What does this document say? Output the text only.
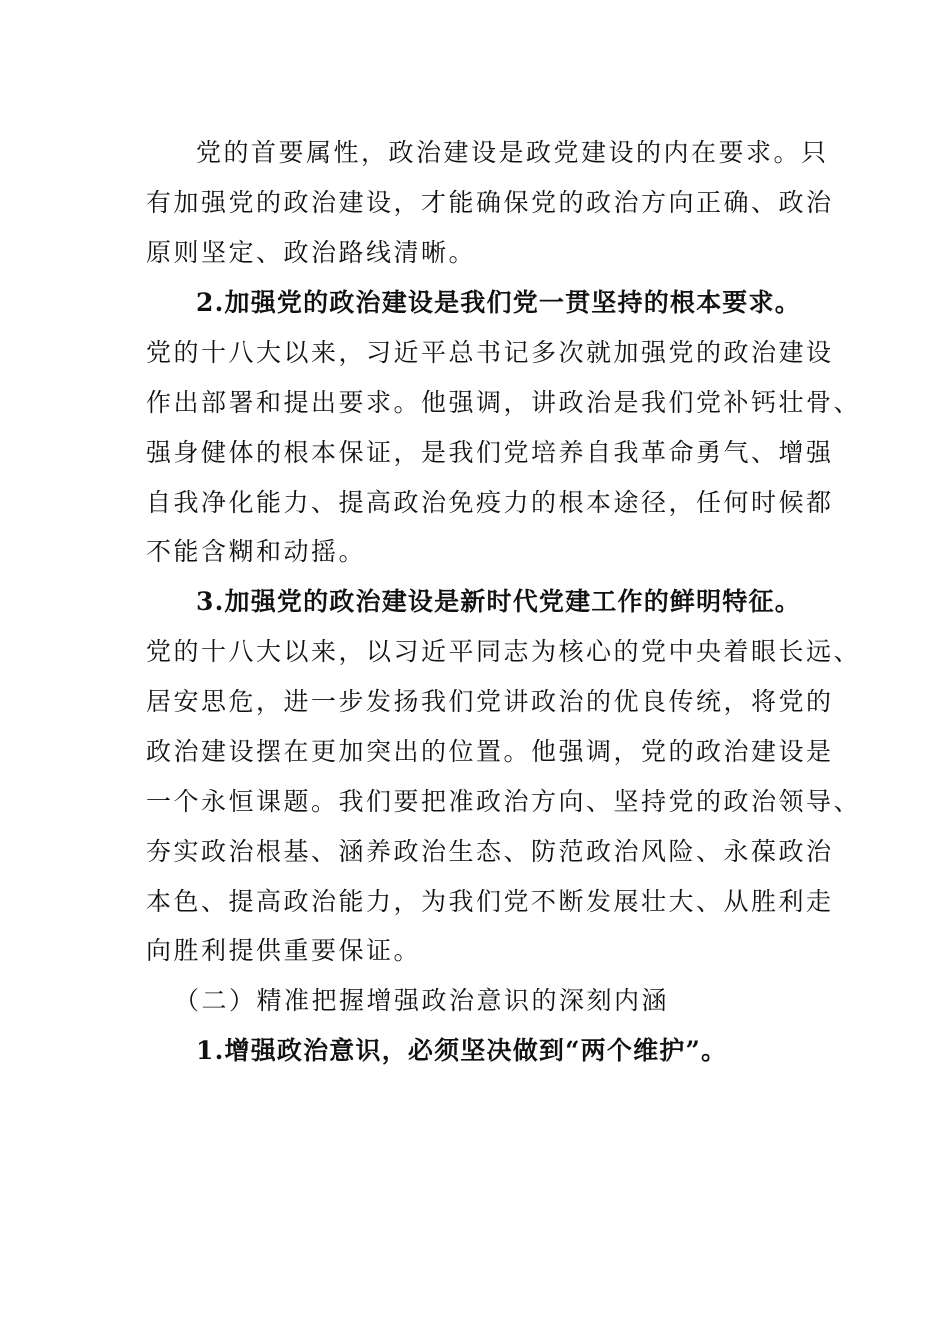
党的首要属性，政治建设是政党建设的内在要求。只
有加强党的政治建设，才能确保党的政治方向正确、政治
原则坚定、政治路线清晰。
2.加强党的政治建设是我们党一贯坚持的根本要求。
党的十八大以来，习近平总书记多次就加强党的政治建设
作出部署和提出要求。他强调，讲政治是我们党补钙壮骨、
强身健体的根本保证，是我们党培养自我革命勇气、增强
自我净化能力、提高政治免疫力的根本途径，任何时候都
不能含糊和动摇。
3.加强党的政治建设是新时代党建工作的鲜明特征。
党的十八大以来，以习近平同志为核心的党中央着眼长远、
居安思危，进一步发扬我们党讲政治的优良传统，将党的
政治建设摆在更加突出的位置。他强调，党的政治建设是
一个永恒课题。我们要把准政治方向、坚持党的政治领导、
夯实政治根基、涵养政治生态、防范政治风险、永葆政治
本色、提高政治能力，为我们党不断发展壮大、从胜利走
向胜利提供重要保证。
（二）精准把握增强政治意识的深刻内涵
1.增强政治意识，必须坚决做到“两个维护”。
